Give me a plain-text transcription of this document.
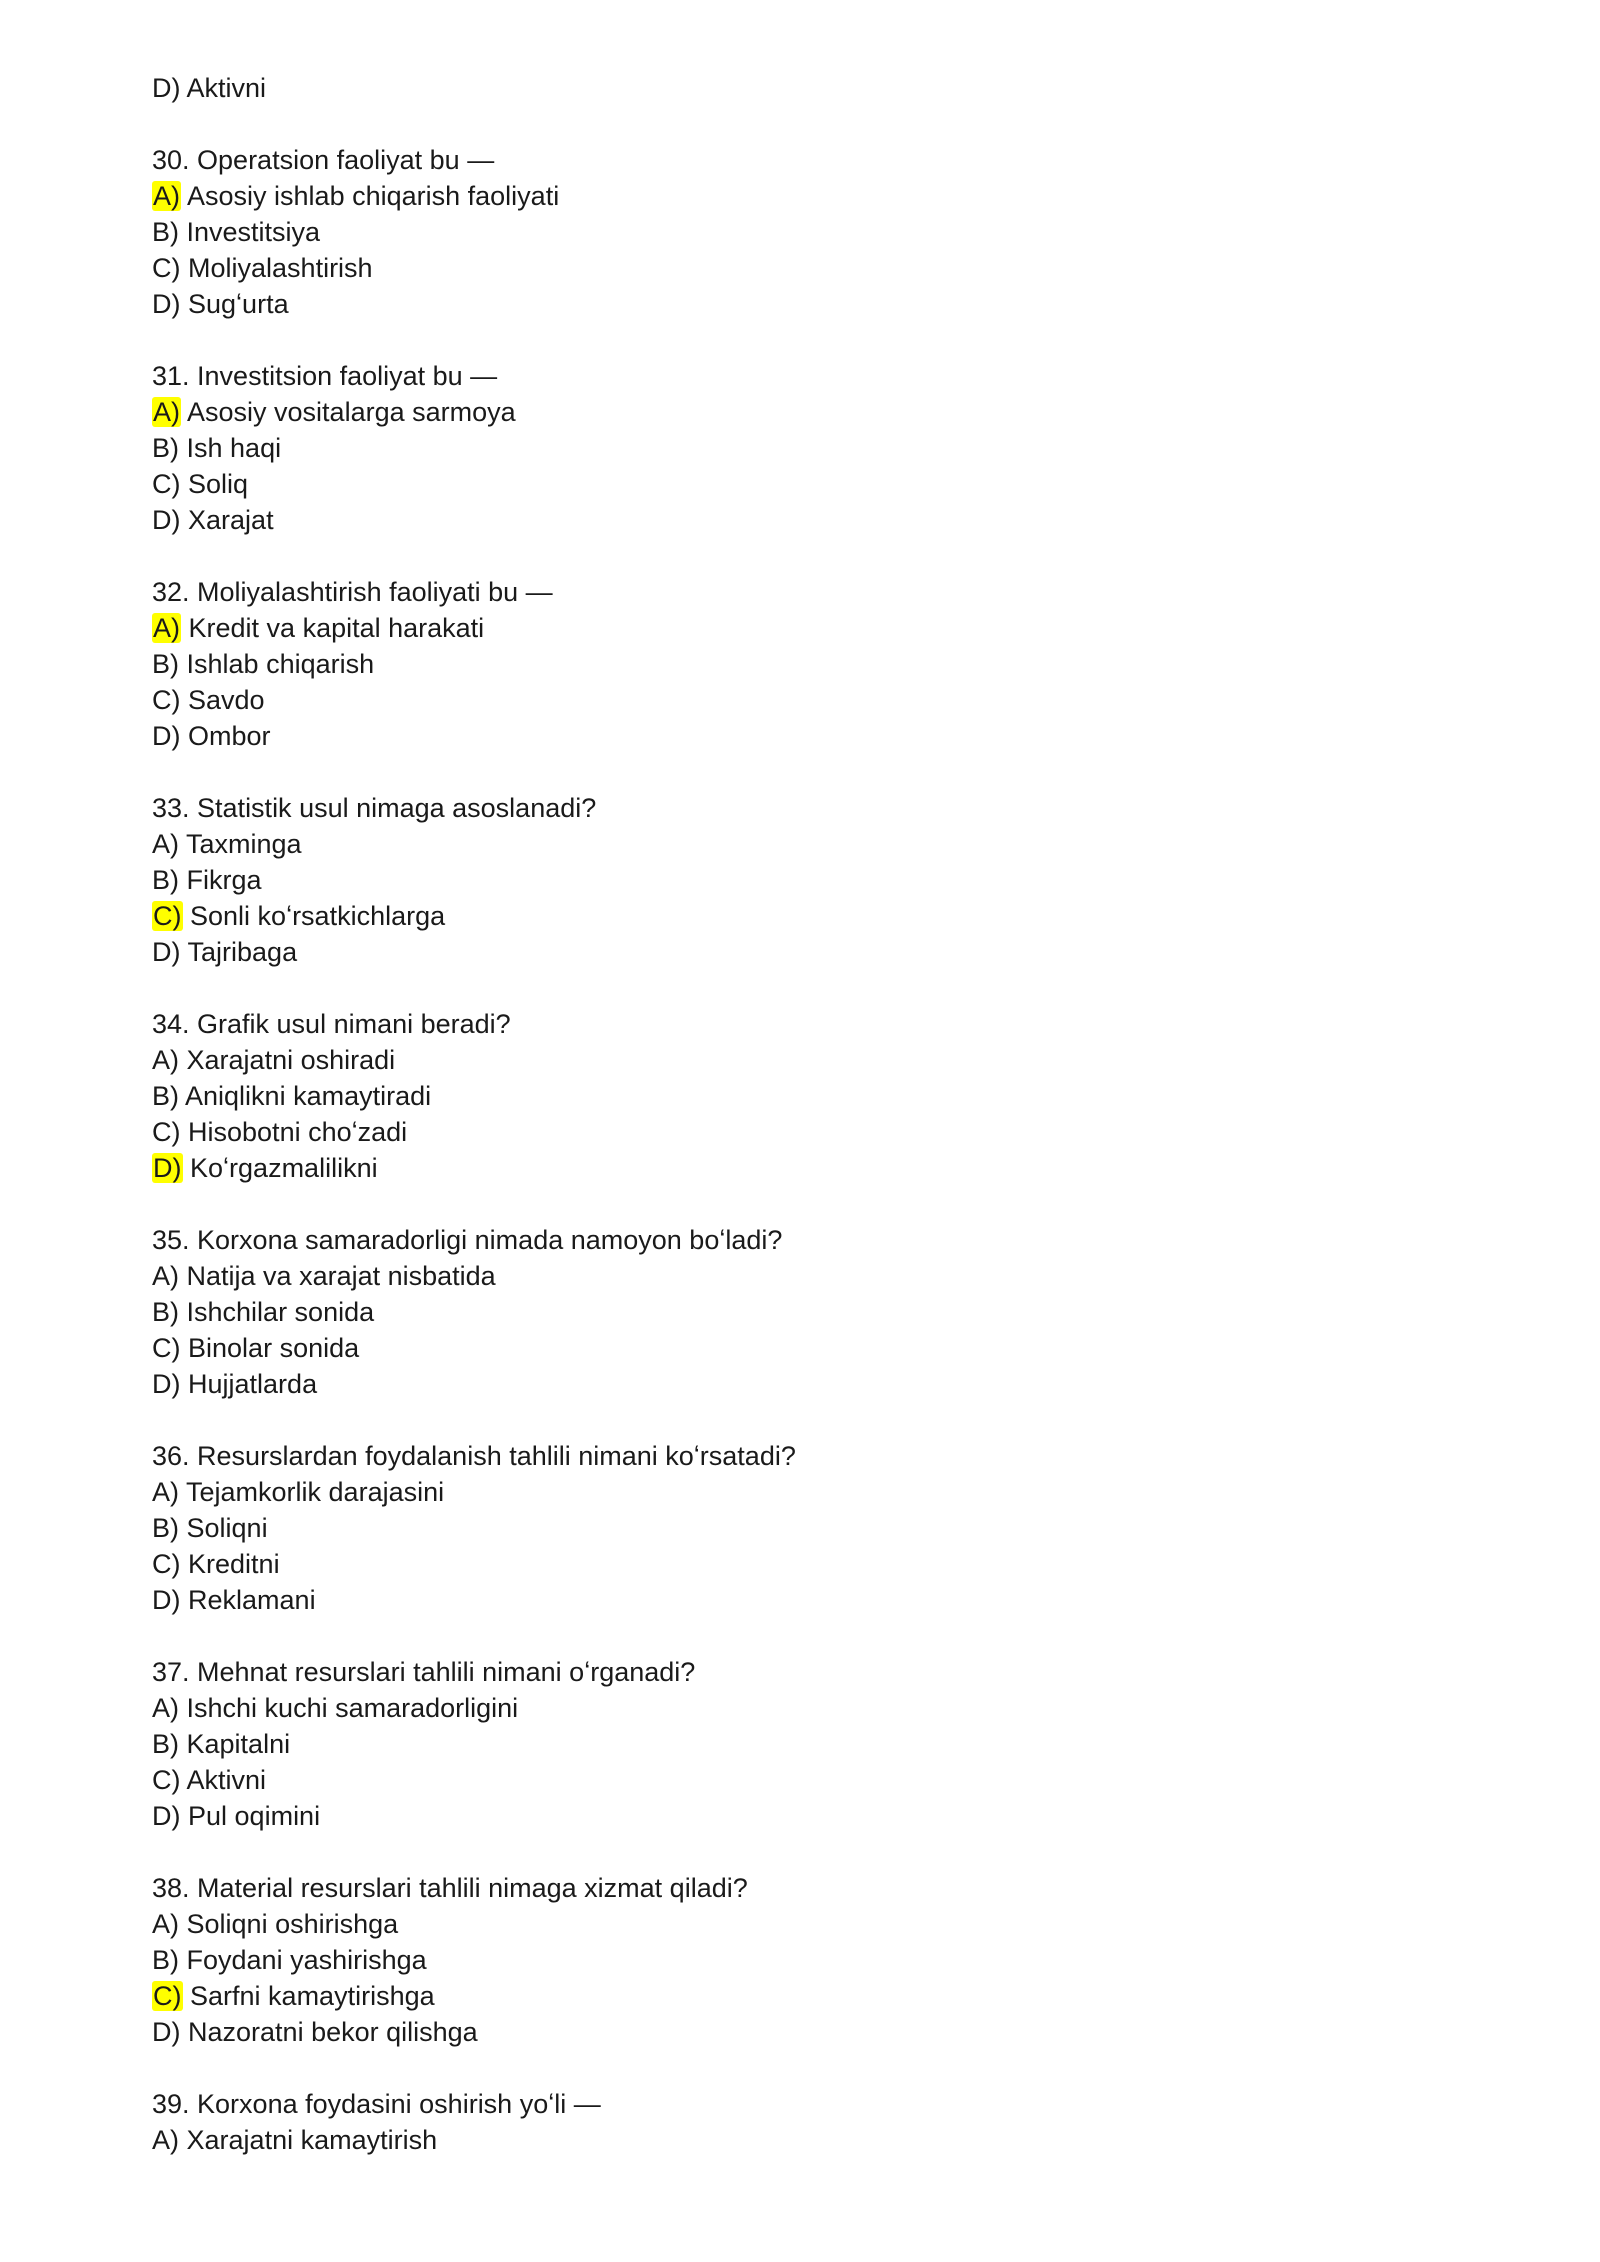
D) Aktivni
30. Operatsion faoliyat bu —
A) Asosiy ishlab chiqarish faoliyati
B) Investitsiya
C) Moliyalashtirish
D) Sugʻurta
31. Investitsion faoliyat bu —
A) Asosiy vositalarga sarmoya
B) Ish haqi
C) Soliq
D) Xarajat
32. Moliyalashtirish faoliyati bu —
A) Kredit va kapital harakati
B) Ishlab chiqarish
C) Savdo
D) Ombor
33. Statistik usul nimaga asoslanadi?
A) Taxminga
B) Fikrga
C) Sonli koʻrsatkichlarga
D) Tajribaga
34. Grafik usul nimani beradi?
A) Xarajatni oshiradi
B) Aniqlikni kamaytiradi
C) Hisobotni choʻzadi
D) Koʻrgazmalilikni
35. Korxona samaradorligi nimada namoyon boʻladi?
A) Natija va xarajat nisbatida
B) Ishchilar sonida
C) Binolar sonida
D) Hujjatlarda
36. Resurslardan foydalanish tahlili nimani koʻrsatadi?
A) Tejamkorlik darajasini
B) Soliqni
C) Kreditni
D) Reklamani
37. Mehnat resurslari tahlili nimani oʻrganadi?
A) Ishchi kuchi samaradorligini
B) Kapitalni
C) Aktivni
D) Pul oqimini
38. Material resurslari tahlili nimaga xizmat qiladi?
A) Soliqni oshirishga
B) Foydani yashirishga
C) Sarfni kamaytirishga
D) Nazoratni bekor qilishga
39. Korxona foydasini oshirish yoʻli —
A) Xarajatni kamaytirish
